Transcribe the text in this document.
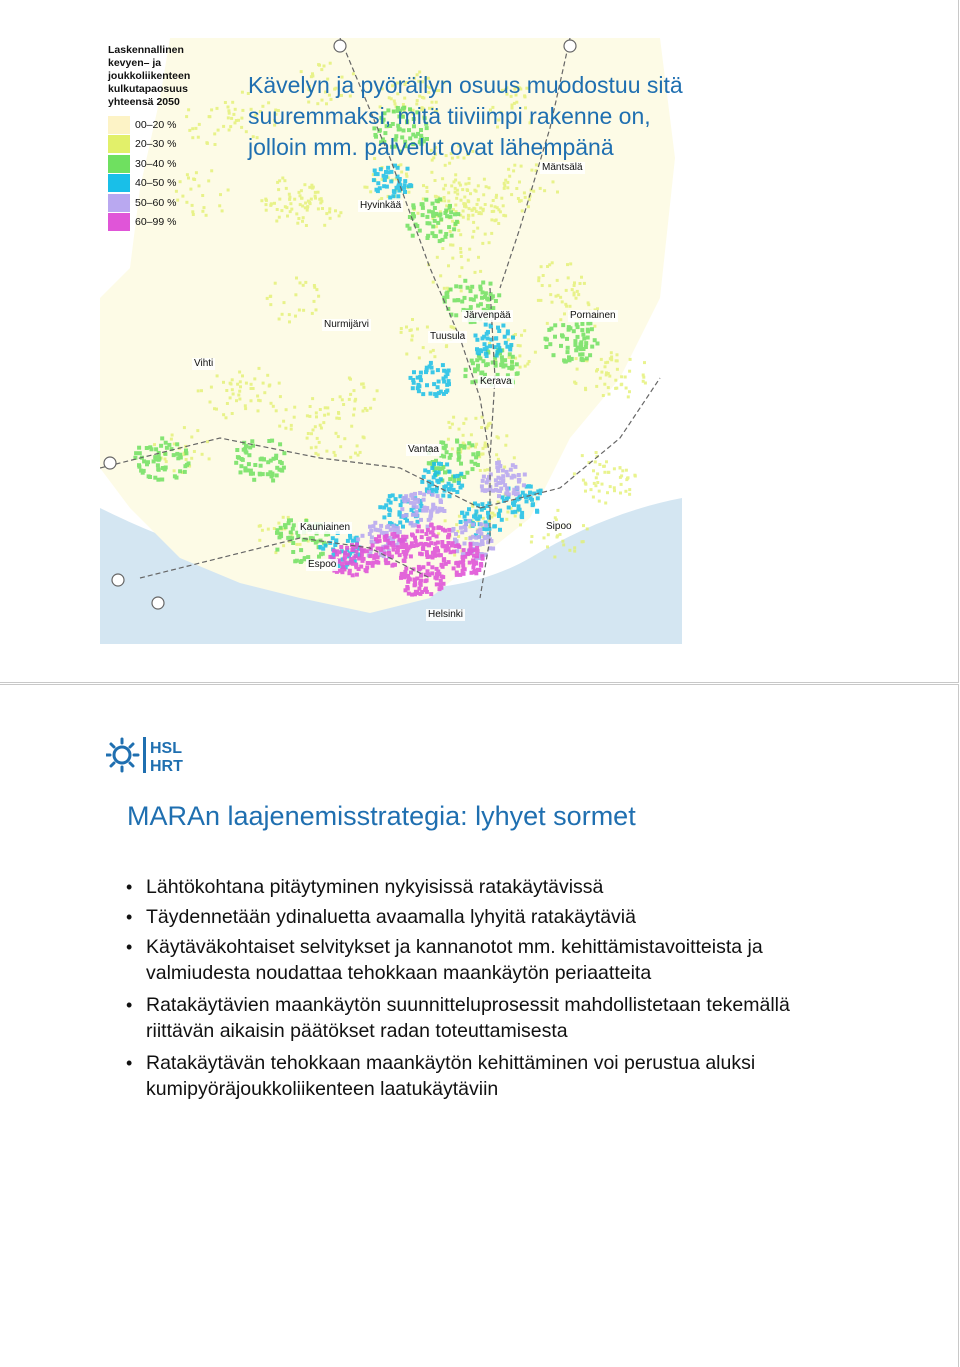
Mäntsälä
Hyvinkää
Nurmijärvi
Järvenpää	Pornainen
Tuusula
Vihti
Kerava
Vantaa
Kauniainen	Sipoo
Espoo
Helsinki
Laskennallinen
kevyen– ja
joukkoliikenteen
kulkutapaosuus
yhteensä 2050
00–20 %
20–30 %
30–40 %
40–50 %
50–60 %
60–99 %
Kävelyn ja pyöräilyn osuus muodostuu sitä
suuremmaksi, mitä tiiviimpi rakenne on,
jolloin mm. palvelut ovat lähempänä
HSL
HRT
MARAn laajenemisstrategia: lyhyet sormet
• Lähtökohtana pitäytyminen nykyisissä ratakäytävissä
• Täydennetään ydinaluetta avaamalla lyhyitä ratakäytäviä
• Käytäväkohtaiset selvitykset ja kannanotot mm. kehittämistavoitteista ja valmiudesta noudattaa tehokkaan maankäytön periaatteita
• Ratakäytävien maankäytön suunnitteluprosessit mahdollistetaan tekemällä riittävän aikaisin päätökset radan toteuttamisesta
• Ratakäytävän tehokkaan maankäytön kehittäminen voi perustua aluksi kumipyöräjoukkoliikenteen laatukäytäviin
